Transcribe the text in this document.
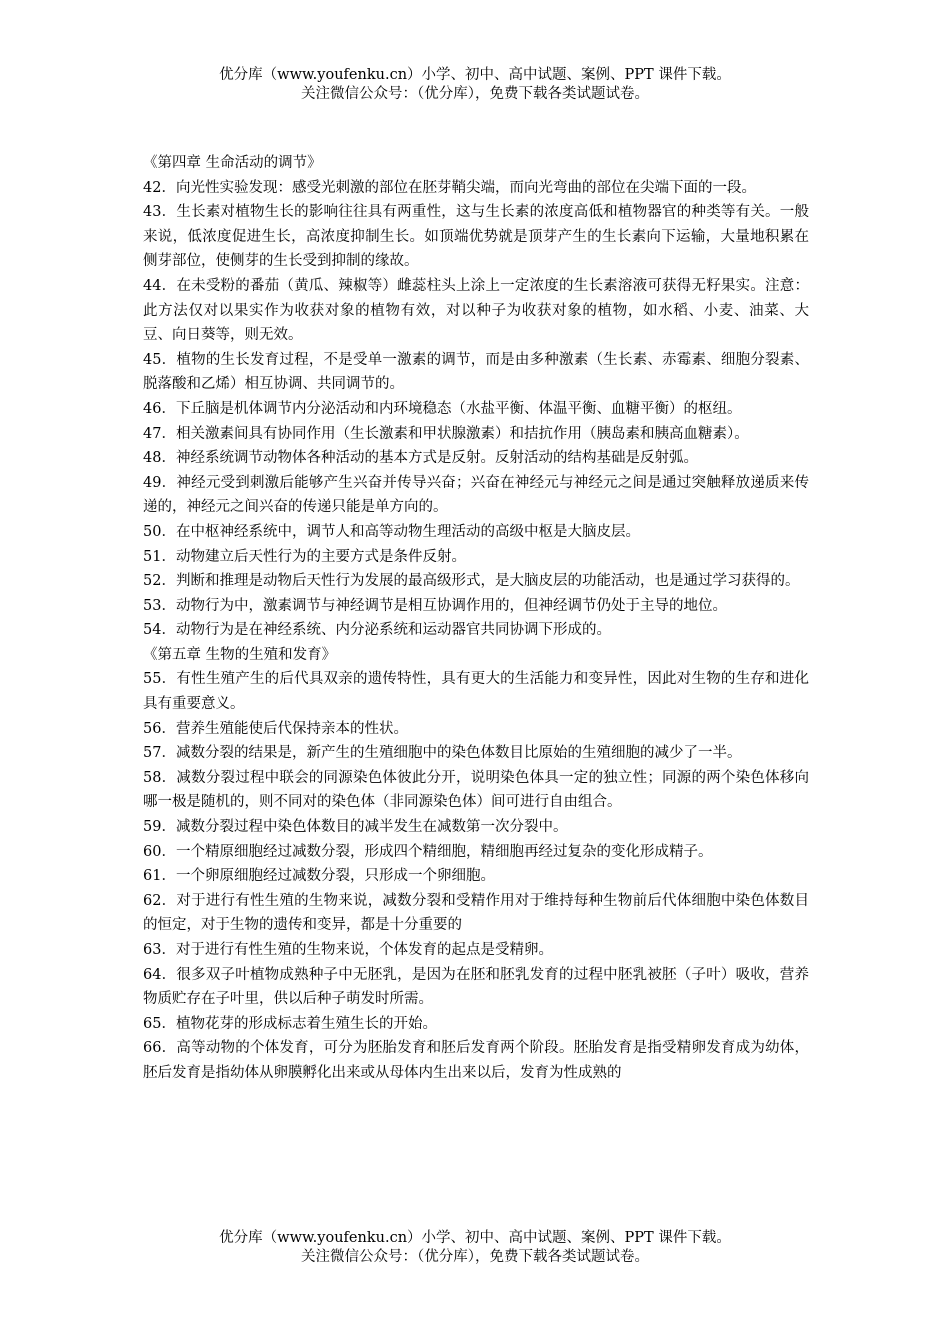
优分库（www.youfenku.cn）小学、初中、高中试题、案例、PPT 课件下载。
关注微信公众号：（优分库），免费下载各类试题试卷。

《第四章 生命活动的调节》

42．向光性实验发现：感受光刺激的部位在胚芽鞘尖端，而向光弯曲的部位在尖端下面的一段。

43．生长素对植物生长的影响往往具有两重性，这与生长素的浓度高低和植物器官的种类等有关。一般来说，低浓度促进生长，高浓度抑制生长。如顶端优势就是顶芽产生的生长素向下运输，大量地积累在侧芽部位，使侧芽的生长受到抑制的缘故。

44．在未受粉的番茄（黄瓜、辣椒等）雌蕊柱头上涂上一定浓度的生长素溶液可获得无籽果实。注意：此方法仅对以果实作为收获对象的植物有效，对以种子为收获对象的植物，如水稻、小麦、油菜、大豆、向日葵等，则无效。

45．植物的生长发育过程，不是受单一激素的调节，而是由多种激素（生长素、赤霉素、细胞分裂素、脱落酸和乙烯）相互协调、共同调节的。

46．下丘脑是机体调节内分泌活动和内环境稳态（水盐平衡、体温平衡、血糖平衡）的枢纽。

47．相关激素间具有协同作用（生长激素和甲状腺激素）和拮抗作用（胰岛素和胰高血糖素）。

48．神经系统调节动物体各种活动的基本方式是反射。反射活动的结构基础是反射弧。

49．神经元受到刺激后能够产生兴奋并传导兴奋；兴奋在神经元与神经元之间是通过突触释放递质来传递的，神经元之间兴奋的传递只能是单方向的。

50．在中枢神经系统中，调节人和高等动物生理活动的高级中枢是大脑皮层。

51．动物建立后天性行为的主要方式是条件反射。

52．判断和推理是动物后天性行为发展的最高级形式，是大脑皮层的功能活动，也是通过学习获得的。

53．动物行为中，激素调节与神经调节是相互协调作用的，但神经调节仍处于主导的地位。

54．动物行为是在神经系统、内分泌系统和运动器官共同协调下形成的。

《第五章 生物的生殖和发育》

55．有性生殖产生的后代具双亲的遗传特性，具有更大的生活能力和变异性，因此对生物的生存和进化具有重要意义。

56．营养生殖能使后代保持亲本的性状。

57．减数分裂的结果是，新产生的生殖细胞中的染色体数目比原始的生殖细胞的减少了一半。

58．减数分裂过程中联会的同源染色体彼此分开，说明染色体具一定的独立性；同源的两个染色体移向哪一极是随机的，则不同对的染色体（非同源染色体）间可进行自由组合。

59．减数分裂过程中染色体数目的减半发生在减数第一次分裂中。

60．一个精原细胞经过减数分裂，形成四个精细胞，精细胞再经过复杂的变化形成精子。

61．一个卵原细胞经过减数分裂，只形成一个卵细胞。

62．对于进行有性生殖的生物来说，减数分裂和受精作用对于维持每种生物前后代体细胞中染色体数目的恒定，对于生物的遗传和变异，都是十分重要的

63．对于进行有性生殖的生物来说，个体发育的起点是受精卵。

64．很多双子叶植物成熟种子中无胚乳，是因为在胚和胚乳发育的过程中胚乳被胚（子叶）吸收，营养物质贮存在子叶里，供以后种子萌发时所需。

65．植物花芽的形成标志着生殖生长的开始。

66．高等动物的个体发育，可分为胚胎发育和胚后发育两个阶段。胚胎发育是指受精卵发育成为幼体，胚后发育是指幼体从卵膜孵化出来或从母体内生出来以后，发育为性成熟的

优分库（www.youfenku.cn）小学、初中、高中试题、案例、PPT 课件下载。
关注微信公众号：（优分库），免费下载各类试题试卷。
